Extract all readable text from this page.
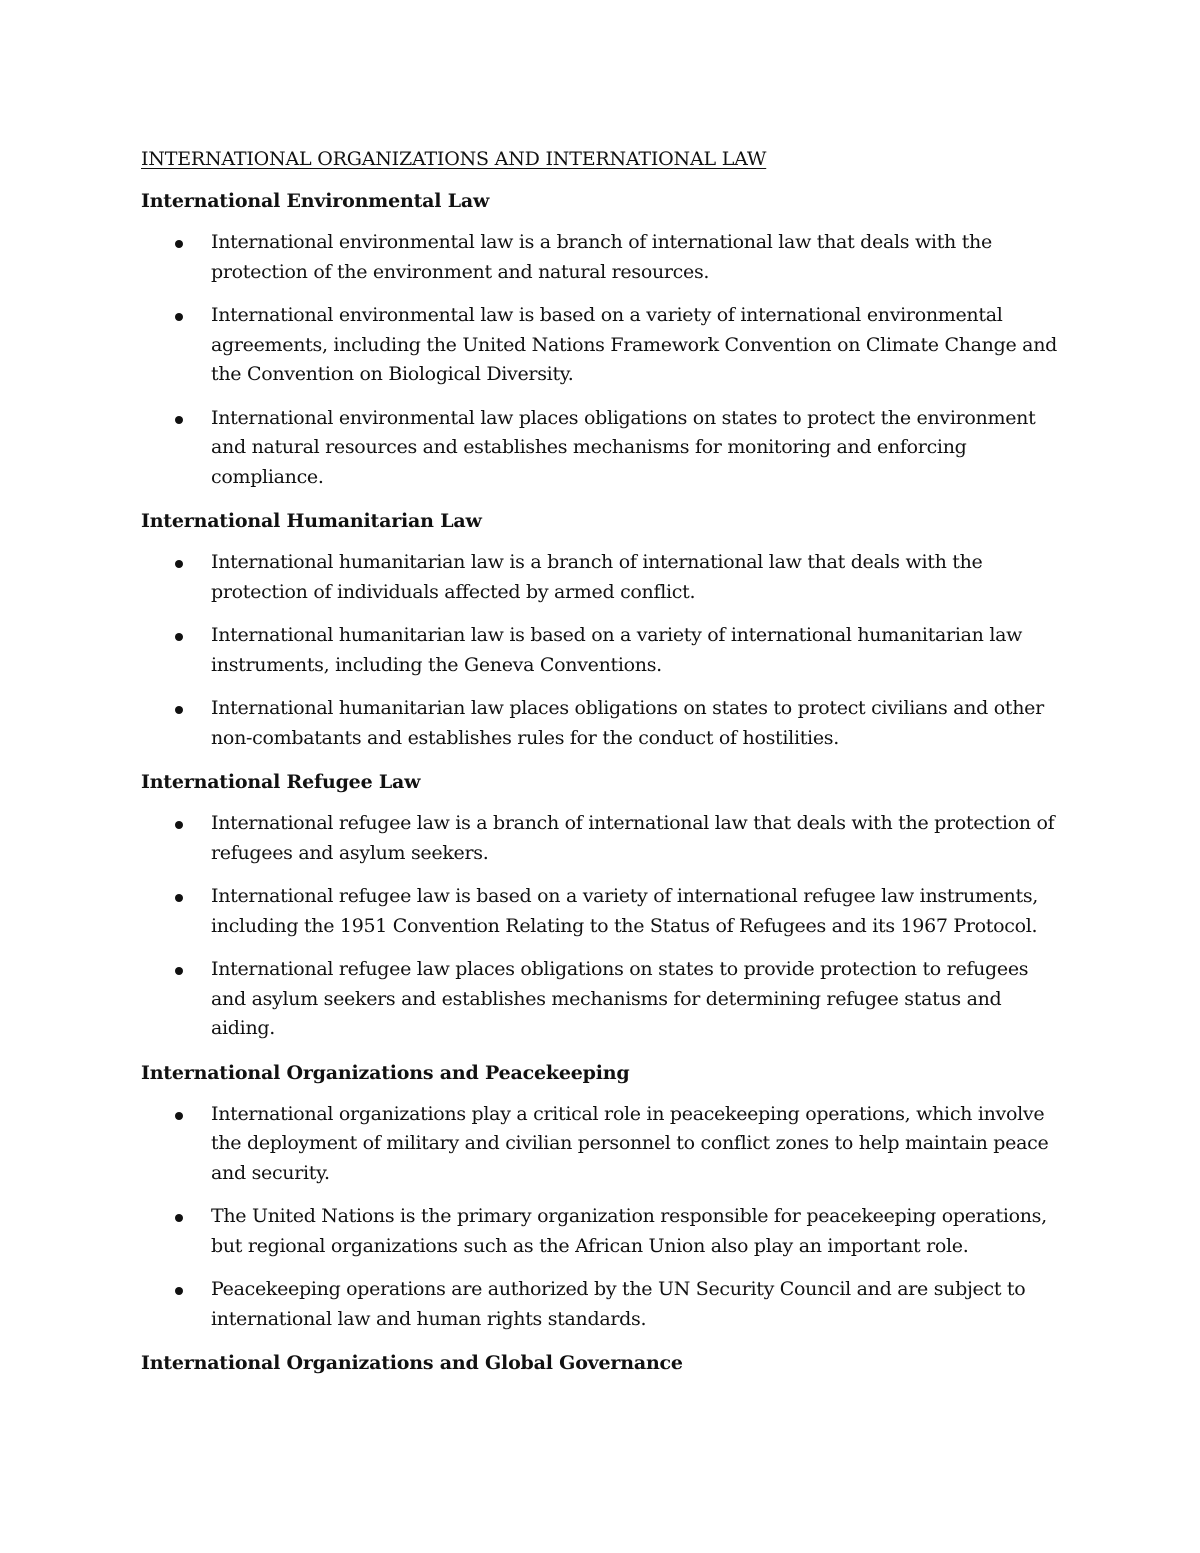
INTERNATIONAL ORGANIZATIONS AND INTERNATIONAL LAW
International Environmental Law
International environmental law is a branch of international law that deals with the protection of the environment and natural resources.
International environmental law is based on a variety of international environmental agreements, including the United Nations Framework Convention on Climate Change and the Convention on Biological Diversity.
International environmental law places obligations on states to protect the environment and natural resources and establishes mechanisms for monitoring and enforcing compliance.
International Humanitarian Law
International humanitarian law is a branch of international law that deals with the protection of individuals affected by armed conflict.
International humanitarian law is based on a variety of international humanitarian law instruments, including the Geneva Conventions.
International humanitarian law places obligations on states to protect civilians and other non-combatants and establishes rules for the conduct of hostilities.
International Refugee Law
International refugee law is a branch of international law that deals with the protection of refugees and asylum seekers.
International refugee law is based on a variety of international refugee law instruments, including the 1951 Convention Relating to the Status of Refugees and its 1967 Protocol.
International refugee law places obligations on states to provide protection to refugees and asylum seekers and establishes mechanisms for determining refugee status and aiding.
International Organizations and Peacekeeping
International organizations play a critical role in peacekeeping operations, which involve the deployment of military and civilian personnel to conflict zones to help maintain peace and security.
The United Nations is the primary organization responsible for peacekeeping operations, but regional organizations such as the African Union also play an important role.
Peacekeeping operations are authorized by the UN Security Council and are subject to international law and human rights standards.
International Organizations and Global Governance
